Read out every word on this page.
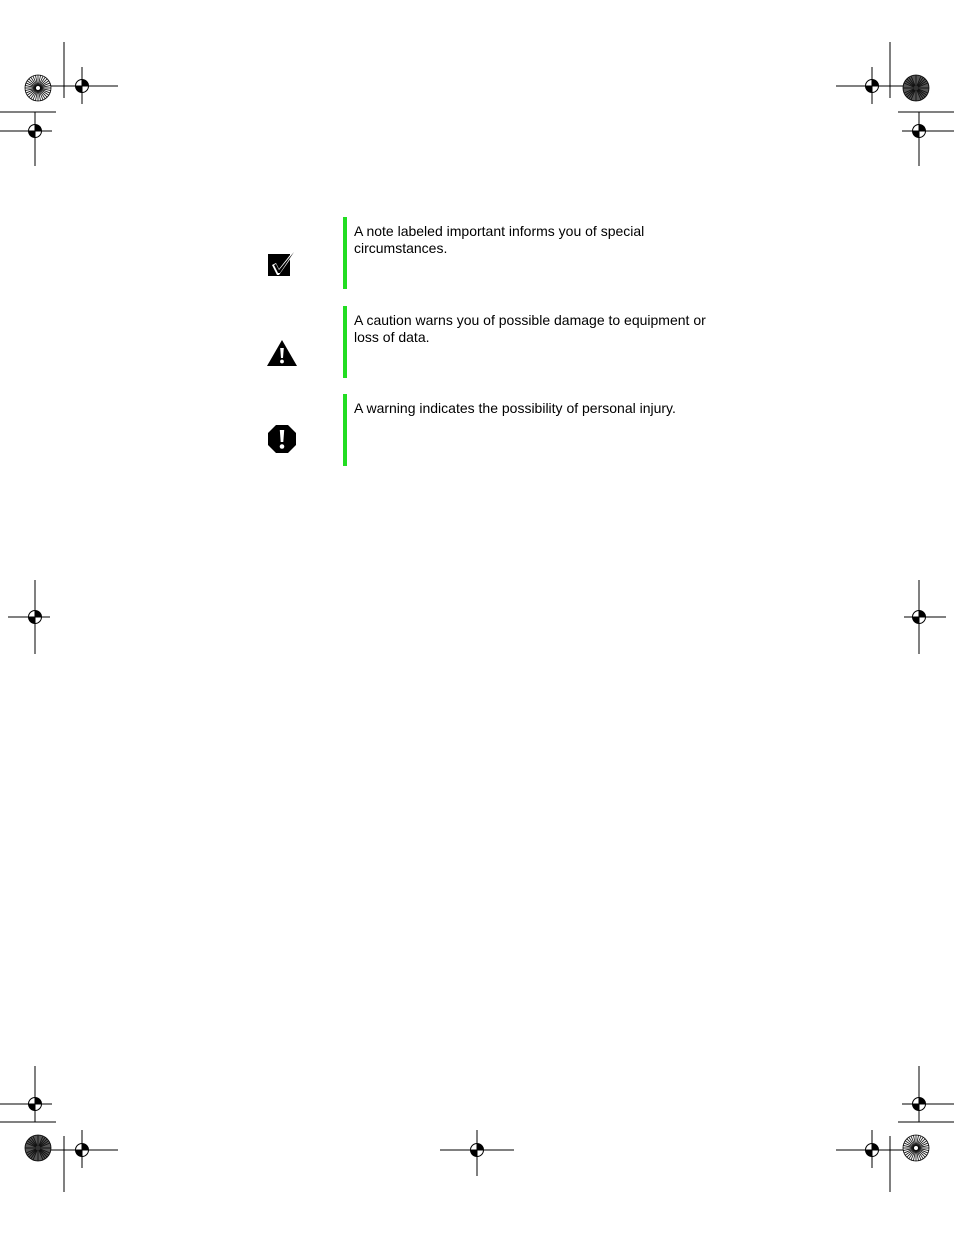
A note labeled important informs you of special circumstances.

A caution warns you of possible damage to equipment or loss of data.

A warning indicates the possibility of personal injury.
